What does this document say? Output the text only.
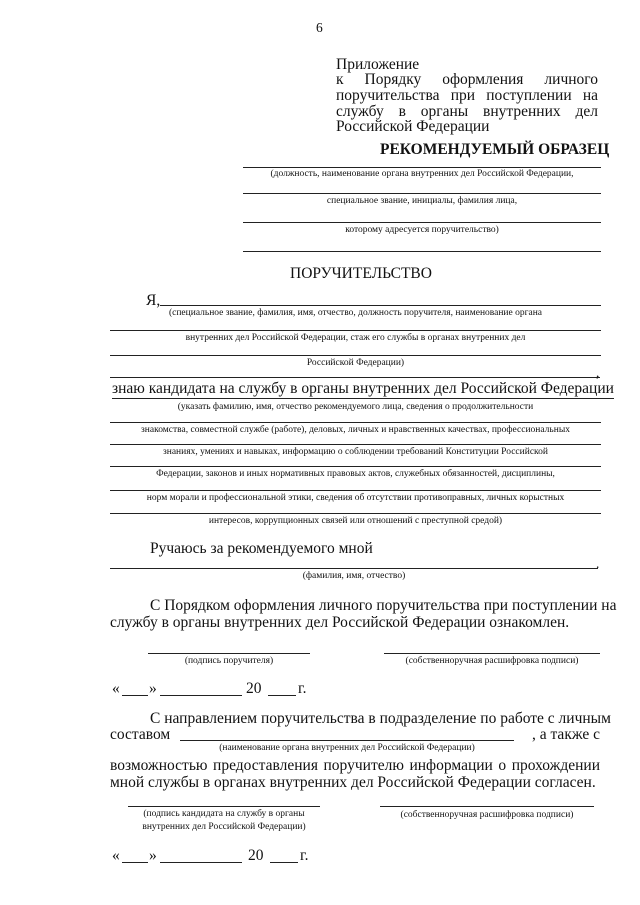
6
Приложение
к Порядку оформления личного
поручительства при поступлении на
службу в органы внутренних дел
Российской Федерации
РЕКОМЕНДУЕМЫЙ ОБРАЗЕЦ
(должность, наименование органа внутренних дел Российской Федерации,
специальное звание, инициалы, фамилия лица,
которому адресуется поручительство)
ПОРУЧИТЕЛЬСТВО
Я,
(специальное звание, фамилия, имя, отчество, должность поручителя, наименование органа
внутренних дел Российской Федерации, стаж его службы в органах внутренних дел
Российской Федерации)
,
знаю кандидата на службу в органы внутренних дел Российской Федерации
(указать фамилию, имя, отчество рекомендуемого лица, сведения о продолжительности
знакомства, совместной службе (работе), деловых, личных и нравственных качествах, профессиональных
знаниях, умениях и навыках, информацию о соблюдении требований Конституции Российской
Федерации, законов и иных нормативных правовых актов, служебных обязанностей, дисциплины,
норм морали и профессиональной этики, сведения об отсутствии противоправных, личных корыстных
интересов, коррупционных связей или отношений с преступной средой)
Ручаюсь за рекомендуемого мной
.
(фамилия, имя, отчество)
С Порядком оформления личного поручительства при поступлении на
службу в органы внутренних дел Российской Федерации ознакомлен.
(подпись поручителя)	(собственноручная расшифровка подписи)
« »	20 г.
С направлением поручительства в подразделение по работе с личным
составом	, а также с
(наименование органа внутренних дел Российской Федерации)
возможностью предоставления поручителю информации о прохождении
мной службы в органах внутренних дел Российской Федерации согласен.
(подпись кандидата на службу в органы
внутренних дел Российской Федерации)
(собственноручная расшифровка подписи)
« »	20 г.
